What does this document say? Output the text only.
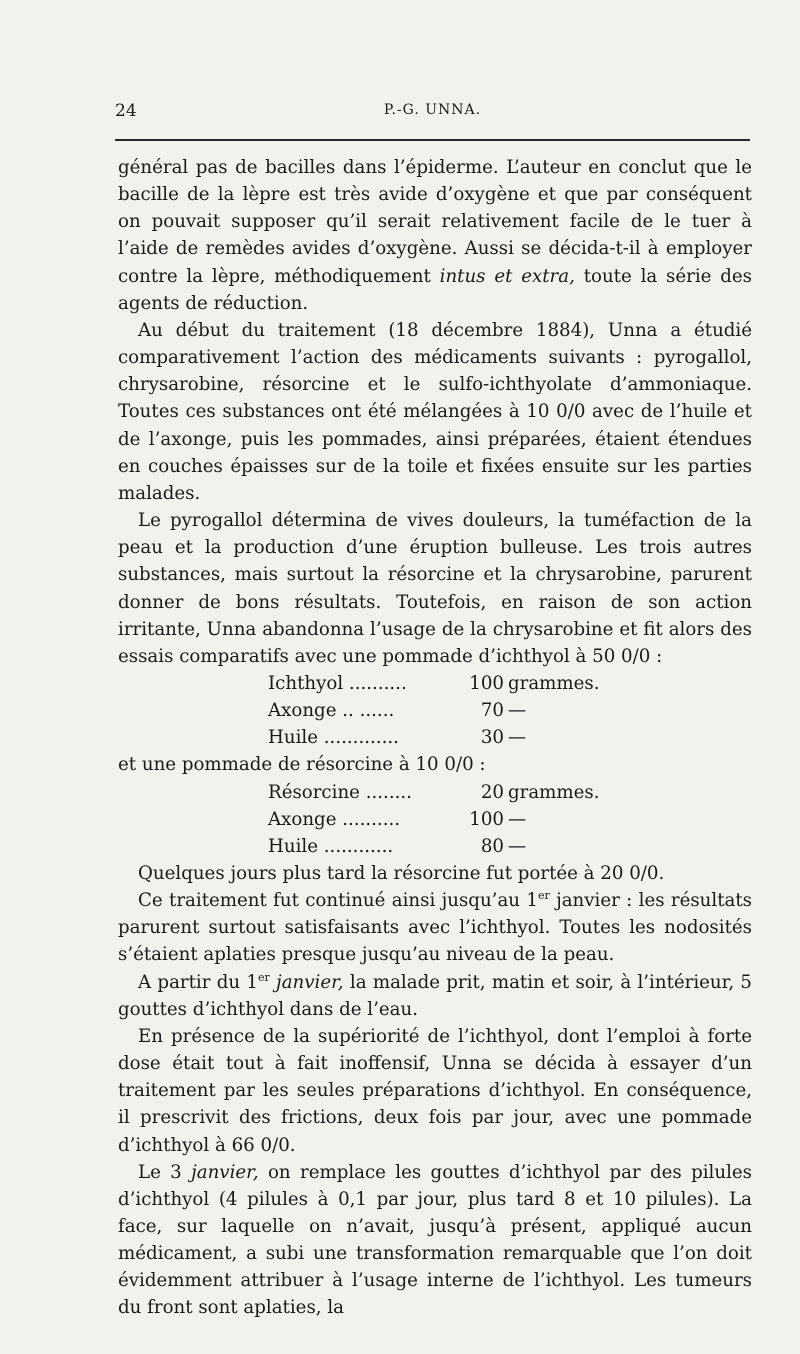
24	P.-G. UNNA.

général pas de bacilles dans l’épiderme. L’auteur en conclut que le bacille de la lèpre est très avide d’oxygène et que par conséquent on pouvait supposer qu’il serait relativement facile de le tuer à l’aide de remèdes avides d’oxygène. Aussi se décida-t-il à employer contre la lèpre, méthodiquement intus et extra, toute la série des agents de réduction.

Au début du traitement (18 décembre 1884), Unna a étudié comparativement l’action des médicaments suivants : pyrogallol, chrysarobine, résorcine et le sulfo-ichthyolate d’ammoniaque. Toutes ces substances ont été mélangées à 10 0/0 avec de l’huile et de l’axonge, puis les pommades, ainsi préparées, étaient étendues en couches épaisses sur de la toile et fixées ensuite sur les parties malades.

Le pyrogallol détermina de vives douleurs, la tuméfaction de la peau et la production d’une éruption bulleuse. Les trois autres substances, mais surtout la résorcine et la chrysarobine, parurent donner de bons résultats. Toutefois, en raison de son action irritante, Unna abandonna l’usage de la chrysarobine et fit alors des essais comparatifs avec une pommade d’ichthyol à 50 0/0 :

Ichthyol ..........	100 grammes.
Axonge .. ......	70 —
Huile .............	30 —

et une pommade de résorcine à 10 0/0 :

Résorcine ........	20 grammes.
Axonge ..........	100 —
Huile ............	80 —

Quelques jours plus tard la résorcine fut portée à 20 0/0.

Ce traitement fut continué ainsi jusqu’au 1er janvier : les résultats parurent surtout satisfaisants avec l’ichthyol. Toutes les nodosités s’étaient aplaties presque jusqu’au niveau de la peau.

A partir du 1er janvier, la malade prit, matin et soir, à l’intérieur, 5 gouttes d’ichthyol dans de l’eau.

En présence de la supériorité de l’ichthyol, dont l’emploi à forte dose était tout à fait inoffensif, Unna se décida à essayer d’un traitement par les seules préparations d’ichthyol. En conséquence, il prescrivit des frictions, deux fois par jour, avec une pommade d’ichthyol à 66 0/0.

Le 3 janvier, on remplace les gouttes d’ichthyol par des pilules d’ichthyol (4 pilules à 0,1 par jour, plus tard 8 et 10 pilules). La face, sur laquelle on n’avait, jusqu’à présent, appliqué aucun médicament, a subi une transformation remarquable que l’on doit évidemment attribuer à l’usage interne de l’ichthyol. Les tumeurs du front sont aplaties, la
